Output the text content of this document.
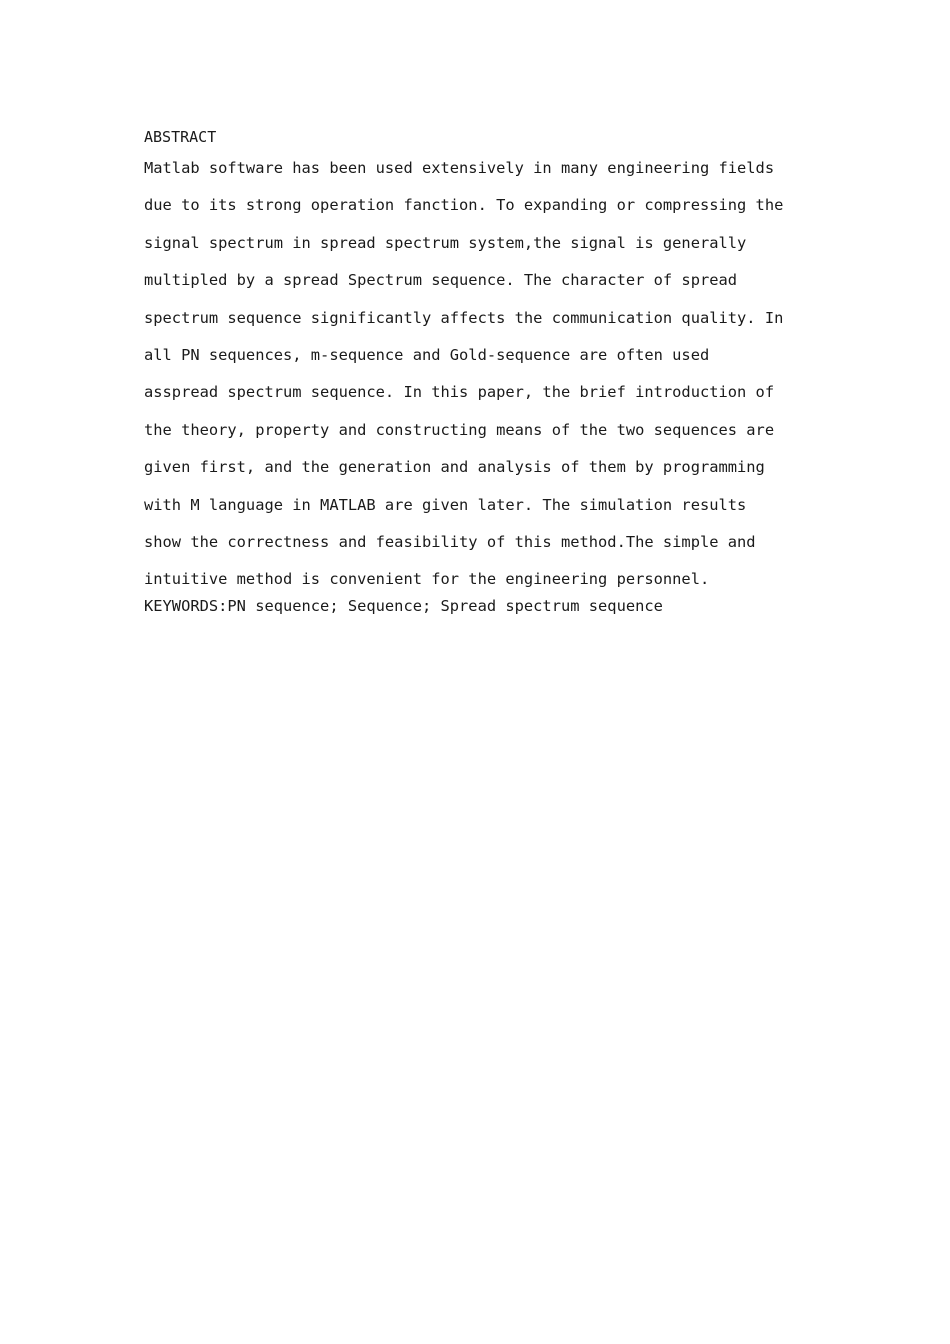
ABSTRACT
Matlab software has been used extensively in many engineering fields
due to its strong operation fanction. To expanding or compressing the
signal spectrum in spread spectrum system,the signal is generally
multipled by a spread Spectrum sequence. The character of spread
spectrum sequence significantly affects the communication quality. In
all PN sequences, m-sequence and Gold-sequence are often used
asspread spectrum sequence. In this paper, the brief introduction of
the theory, property and constructing means of the two sequences are
given first, and the generation and analysis of them by programming
with M language in MATLAB are given later. The simulation results
show the correctness and feasibility of this method.The simple and
intuitive method is convenient for the engineering personnel.
KEYWORDS:PN sequence; Sequence; Spread spectrum sequence
